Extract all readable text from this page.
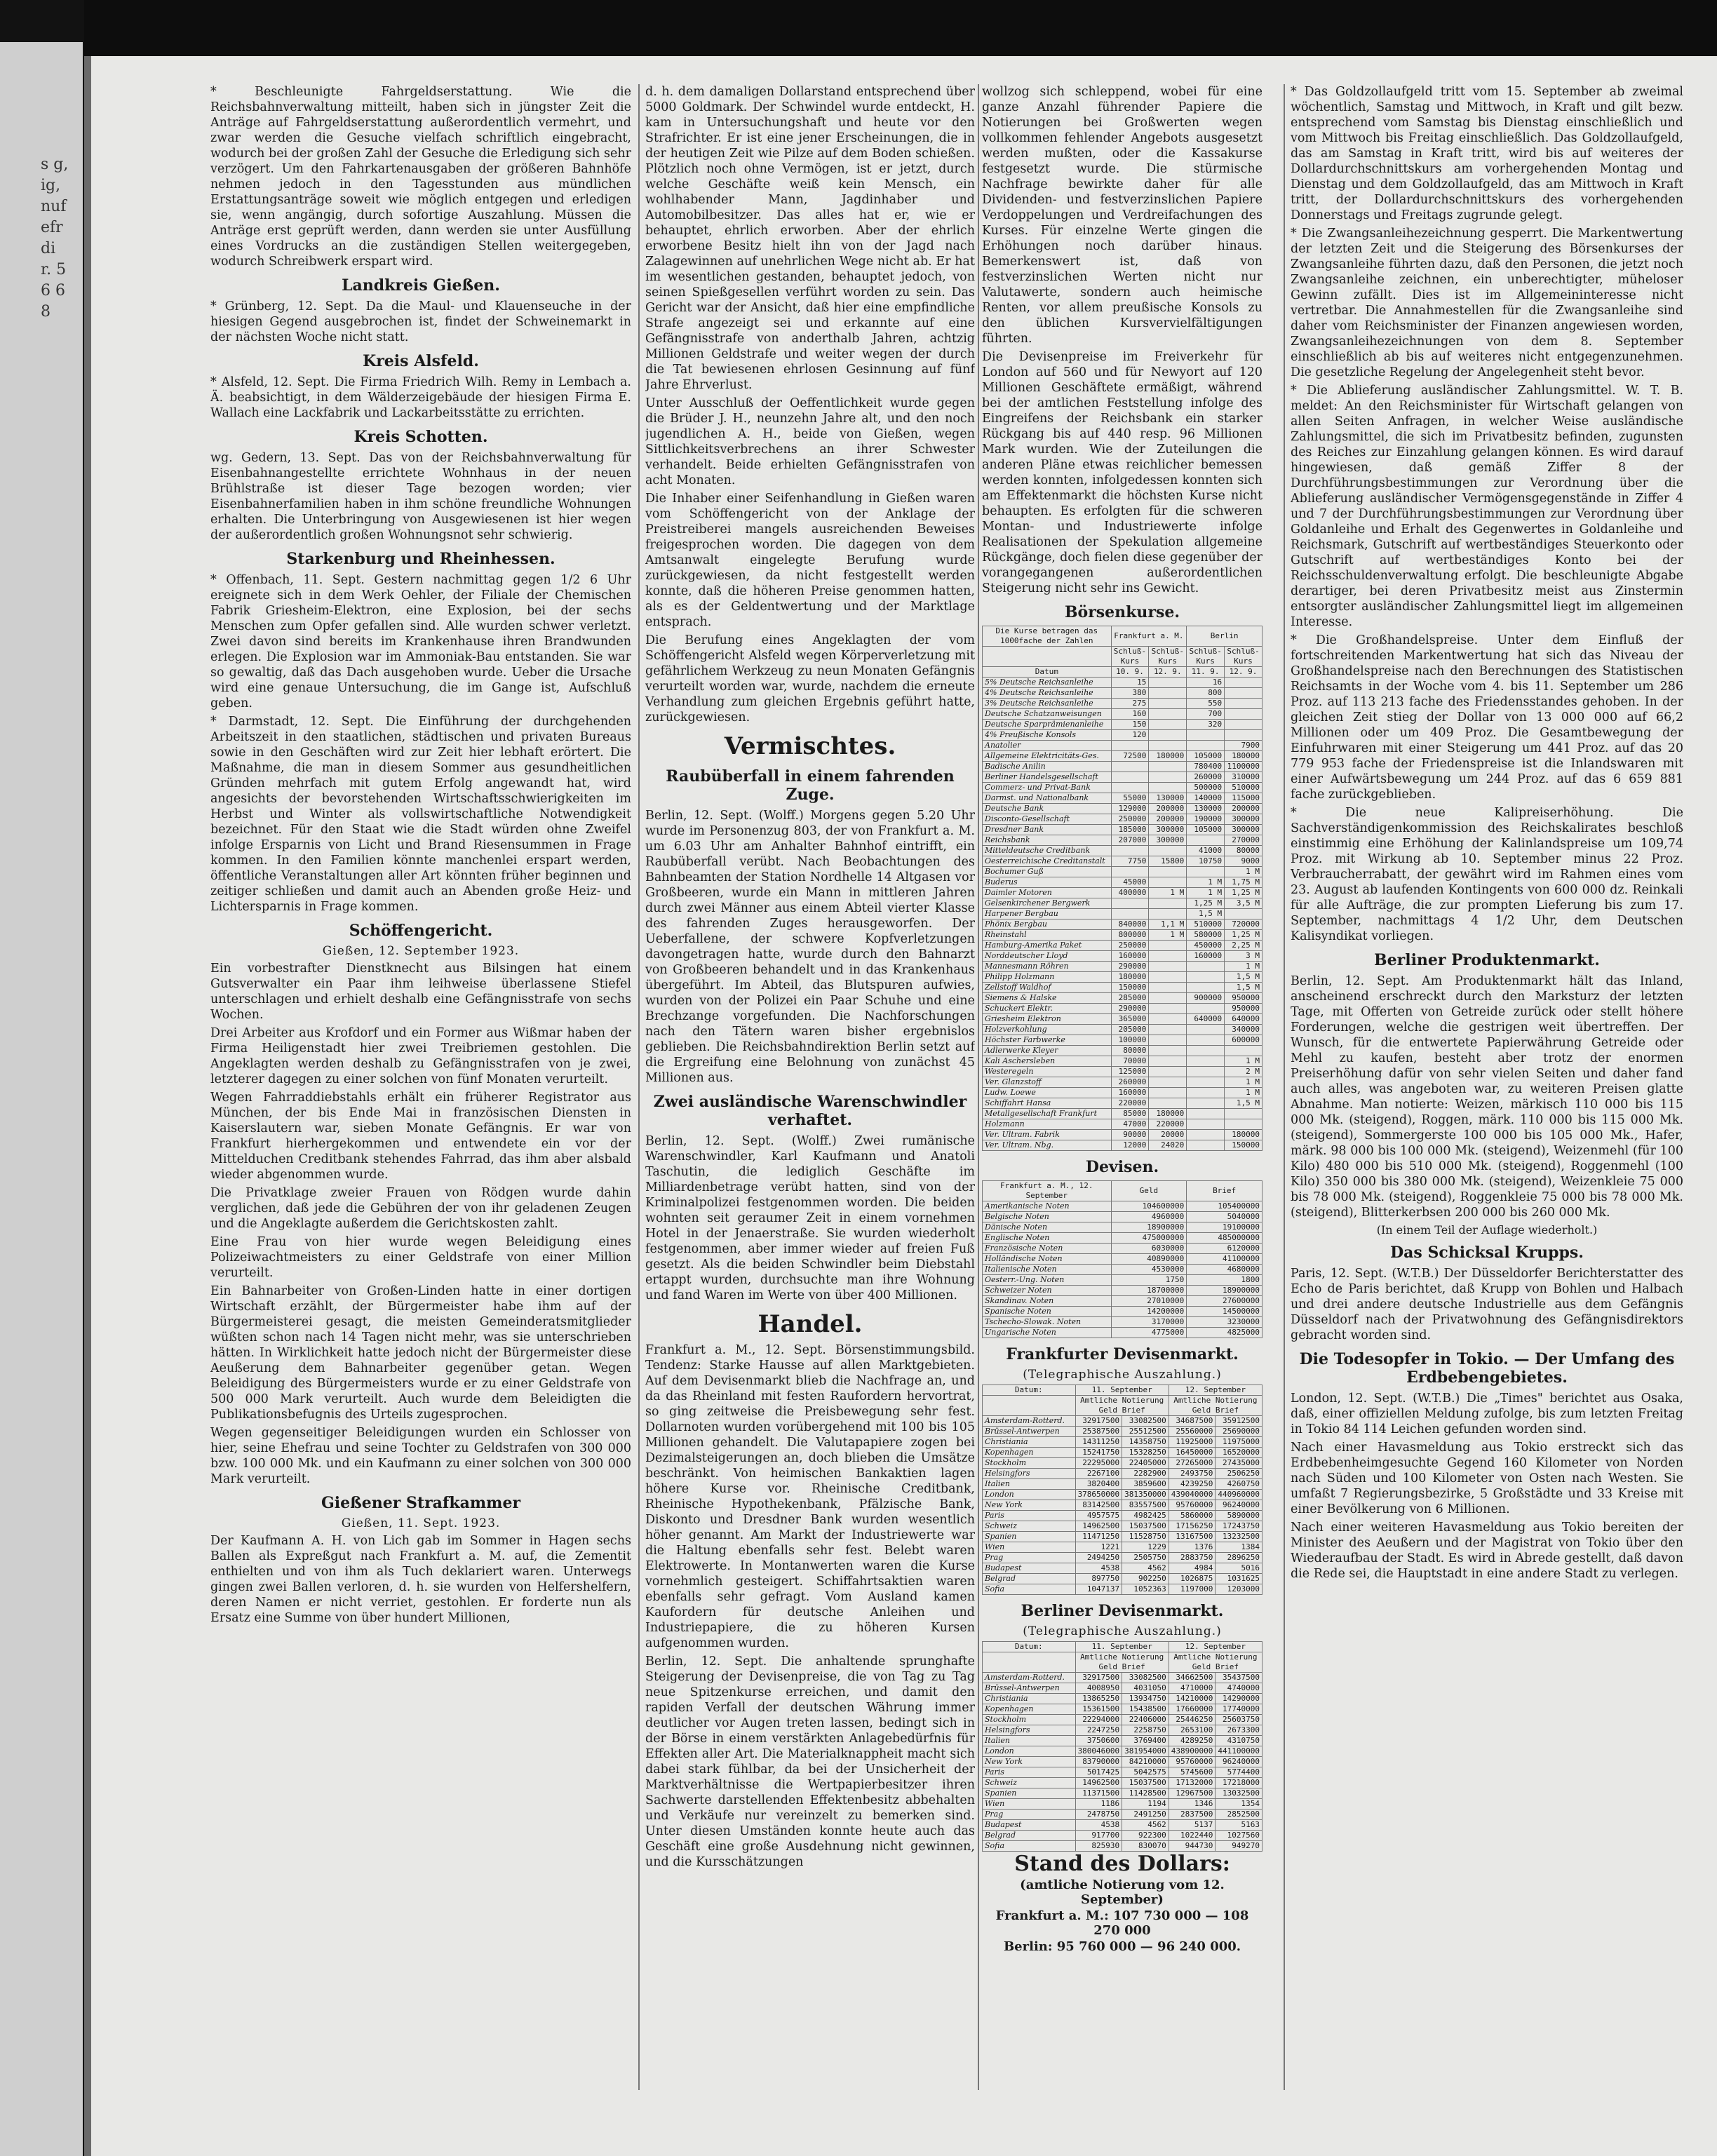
s g, ig, nuf efr di r. 5 6 6 8

* Beschleunigte Fahrgeldserstattung. Wie die Reichsbahnverwaltung mitteilt, haben sich in jüngster Zeit die Anträge auf Fahrgeldserstattung außerordentlich vermehrt, und zwar werden die Gesuche vielfach schriftlich eingebracht, wodurch bei der großen Zahl der Gesuche die Erledigung sich sehr verzögert. Um den Fahrkartenausgaben der größeren Bahnhöfe nehmen jedoch in den Tagesstunden aus mündlichen Erstattungsanträge soweit wie möglich entgegen und erledigen sie, wenn angängig, durch sofortige Auszahlung. Müssen die Anträge erst geprüft werden, dann werden sie unter Ausfüllung eines Vordrucks an die zuständigen Stellen weitergegeben, wodurch Schreibwerk erspart wird.

Landkreis Gießen.

* Grünberg, 12. Sept. Da die Maul- und Klauenseuche in der hiesigen Gegend ausgebrochen ist, findet der Schweinemarkt in der nächsten Woche nicht statt.

Kreis Alsfeld.

* Alsfeld, 12. Sept. Die Firma Friedrich Wilh. Remy in Lembach a. Ä. beabsichtigt, in dem Wälderzeigebäude der hiesigen Firma E. Wallach eine Lackfabrik und Lackarbeitsstätte zu errichten.

Kreis Schotten.

wg. Gedern, 13. Sept. Das von der Reichsbahnverwaltung für Eisenbahnangestellte errichtete Wohnhaus in der neuen Brühlstraße ist dieser Tage bezogen worden; vier Eisenbahnerfamilien haben in ihm schöne freundliche Wohnungen erhalten. Die Unterbringung von Ausgewiesenen ist hier wegen der außerordentlich großen Wohnungsnot sehr schwierig.

Starkenburg und Rheinhessen.

* Offenbach, 11. Sept. Gestern nachmittag gegen 1/2 6 Uhr ereignete sich in dem Werk Oehler, der Filiale der Chemischen Fabrik Griesheim-Elektron, eine Explosion, bei der sechs Menschen zum Opfer gefallen sind. Alle wurden schwer verletzt. Zwei davon sind bereits im Krankenhause ihren Brandwunden erlegen. Die Explosion war im Ammoniak-Bau entstanden. Sie war so gewaltig, daß das Dach ausgehoben wurde. Ueber die Ursache wird eine genaue Untersuchung, die im Gange ist, Aufschluß geben.

* Darmstadt, 12. Sept. Die Einführung der durchgehenden Arbeitszeit in den staatlichen, städtischen und privaten Bureaus sowie in den Geschäften wird zur Zeit hier lebhaft erörtert. Die Maßnahme, die man in diesem Sommer aus gesundheitlichen Gründen mehrfach mit gutem Erfolg angewandt hat, wird angesichts der bevorstehenden Wirtschaftsschwierigkeiten im Herbst und Winter als vollswirtschaftliche Notwendigkeit bezeichnet. Für den Staat wie die Stadt würden ohne Zweifel infolge Ersparnis von Licht und Brand Riesensummen in Frage kommen. In den Familien könnte manchenlei erspart werden, öffentliche Veranstaltungen aller Art könnten früher beginnen und zeitiger schließen und damit auch an Abenden große Heiz- und Lichtersparnis in Frage kommen.

Schöffengericht.
Gießen, 12. September 1923.

Ein vorbestrafter Dienstknecht aus Bilsingen hat einem Gutsverwalter ein Paar ihm leihweise überlassene Stiefel unterschlagen und erhielt deshalb eine Gefängnisstrafe von sechs Wochen.

Drei Arbeiter aus Krofdorf und ein Former aus Wißmar haben der Firma Heiligenstadt hier zwei Treibriemen gestohlen. Die Angeklagten werden deshalb zu Gefängnisstrafen von je zwei, letzterer dagegen zu einer solchen von fünf Monaten verurteilt.

Wegen Fahrraddiebstahls erhält ein früherer Registrator aus München, der bis Ende Mai in französischen Diensten in Kaiserslautern war, sieben Monate Gefängnis. Er war von Frankfurt hierhergekommen und entwendete ein vor der Mittelduchen Creditbank stehendes Fahrrad, das ihm aber alsbald wieder abgenommen wurde.

Die Privatklage zweier Frauen von Rödgen wurde dahin verglichen, daß jede die Gebühren der von ihr geladenen Zeugen und die Angeklagte außerdem die Gerichtskosten zahlt.

Eine Frau von hier wurde wegen Beleidigung eines Polizeiwachtmeisters zu einer Geldstrafe von einer Million verurteilt.

Ein Bahnarbeiter von Großen-Linden hatte in einer dortigen Wirtschaft erzählt, der Bürgermeister habe ihm auf der Bürgermeisterei gesagt, die meisten Gemeinderatsmitglieder wüßten schon nach 14 Tagen nicht mehr, was sie unterschrieben hätten. In Wirklichkeit hatte jedoch nicht der Bürgermeister diese Aeußerung dem Bahnarbeiter gegenüber getan. Wegen Beleidigung des Bürgermeisters wurde er zu einer Geldstrafe von 500 000 Mark verurteilt. Auch wurde dem Beleidigten die Publikationsbefugnis des Urteils zugesprochen.

Wegen gegenseitiger Beleidigungen wurden ein Schlosser von hier, seine Ehefrau und seine Tochter zu Geldstrafen von 300 000 bzw. 100 000 Mk. und ein Kaufmann zu einer solchen von 300 000 Mark verurteilt.

Gießener Strafkammer
Gießen, 11. Sept. 1923.

Der Kaufmann A. H. von Lich gab im Sommer in Hagen sechs Ballen als Expreßgut nach Frankfurt a. M. auf, die Zementit enthielten und von ihm als Tuch deklariert waren. Unterwegs gingen zwei Ballen verloren, d. h. sie wurden von Helfershelfern, deren Namen er nicht verriet, gestohlen. Er forderte nun als Ersatz eine Summe von über hundert Millionen,

d. h. dem damaligen Dollarstand entsprechend über 5000 Goldmark. Der Schwindel wurde entdeckt, H. kam in Untersuchungshaft und heute vor den Strafrichter. Er ist eine jener Erscheinungen, die in der heutigen Zeit wie Pilze auf dem Boden schießen. Plötzlich noch ohne Vermögen, ist er jetzt, durch welche Geschäfte weiß kein Mensch, ein wohlhabender Mann, Jagdinhaber und Automobilbesitzer. Das alles hat er, wie er behauptet, ehrlich erworben. Aber der ehrlich erworbene Besitz hielt ihn von der Jagd nach Zalagewinnen auf unehrlichen Wege nicht ab. Er hat im wesentlichen gestanden, behauptet jedoch, von seinen Spießgesellen verführt worden zu sein. Das Gericht war der Ansicht, daß hier eine empfindliche Strafe angezeigt sei und erkannte auf eine Gefängnisstrafe von anderthalb Jahren, achtzig Millionen Geldstrafe und weiter wegen der durch die Tat bewiesenen ehrlosen Gesinnung auf fünf Jahre Ehrverlust.

Unter Ausschluß der Oeffentlichkeit wurde gegen die Brüder J. H., neunzehn Jahre alt, und den noch jugendlichen A. H., beide von Gießen, wegen Sittlichkeitsverbrechens an ihrer Schwester verhandelt. Beide erhielten Gefängnisstrafen von acht Monaten.

Die Inhaber einer Seifenhandlung in Gießen waren vom Schöffengericht von der Anklage der Preistreiberei mangels ausreichenden Beweises freigesprochen worden. Die dagegen von dem Amtsanwalt eingelegte Berufung wurde zurückgewiesen, da nicht festgestellt werden konnte, daß die höheren Preise genommen hatten, als es der Geldentwertung und der Marktlage entsprach.

Die Berufung eines Angeklagten der vom Schöffengericht Alsfeld wegen Körperverletzung mit gefährlichem Werkzeug zu neun Monaten Gefängnis verurteilt worden war, wurde, nachdem die erneute Verhandlung zum gleichen Ergebnis geführt hatte, zurückgewiesen.

Vermischtes.
Raubüberfall in einem fahrenden Zuge.

Berlin, 12. Sept. (Wolff.) Morgens gegen 5.20 Uhr wurde im Personenzug 803, der von Frankfurt a. M. um 6.03 Uhr am Anhalter Bahnhof eintrifft, ein Raubüberfall verübt. Nach Beobachtungen des Bahnbeamten der Station Nordhelle 14 Altgasen vor Großbeeren, wurde ein Mann in mittleren Jahren durch zwei Männer aus einem Abteil vierter Klasse des fahrenden Zuges herausgeworfen. Der Ueberfallene, der schwere Kopfverletzungen davongetragen hatte, wurde durch den Bahnarzt von Großbeeren behandelt und in das Krankenhaus übergeführt. Im Abteil, das Blutspuren aufwies, wurden von der Polizei ein Paar Schuhe und eine Brechzange vorgefunden. Die Nachforschungen nach den Tätern waren bisher ergebnislos geblieben. Die Reichsbahndirektion Berlin setzt auf die Ergreifung eine Belohnung von zunächst 45 Millionen aus.

Zwei ausländische Warenschwindler verhaftet.

Berlin, 12. Sept. (Wolff.) Zwei rumänische Warenschwindler, Karl Kaufmann und Anatoli Taschutin, die lediglich Geschäfte im Milliardenbetrage verübt hatten, sind von der Kriminalpolizei festgenommen worden. Die beiden wohnten seit geraumer Zeit in einem vornehmen Hotel in der Jenaerstraße. Sie wurden wiederholt festgenommen, aber immer wieder auf freien Fuß gesetzt. Als die beiden Schwindler beim Diebstahl ertappt wurden, durchsuchte man ihre Wohnung und fand Waren im Werte von über 400 Millionen.

Handel.

Frankfurt a. M., 12. Sept. Börsenstimmungsbild. Tendenz: Starke Hausse auf allen Marktgebieten. Auf dem Devisenmarkt blieb die Nachfrage an, und da das Rheinland mit festen Raufordern hervortrat, so ging zeitweise die Preisbewegung sehr fest. Dollarnoten wurden vorübergehend mit 100 bis 105 Millionen gehandelt. Die Valutapapiere zogen bei Dezimalsteigerungen an, doch blieben die Umsätze beschränkt. Von heimischen Bankaktien lagen höhere Kurse vor. Rheinische Creditbank, Rheinische Hypothekenbank, Pfälzische Bank, Diskonto und Dresdner Bank wurden wesentlich höher genannt. Am Markt der Industriewerte war die Haltung ebenfalls sehr fest. Belebt waren Elektrowerte. In Montanwerten waren die Kurse vornehmlich gesteigert. Schiffahrtsaktien waren ebenfalls sehr gefragt. Vom Ausland kamen Kaufordern für deutsche Anleihen und Industriepapiere, die zu höheren Kursen aufgenommen wurden.

Berlin, 12. Sept. Die anhaltende sprunghafte Steigerung der Devisenpreise, die von Tag zu Tag neue Spitzenkurse erreichen, und damit den rapiden Verfall der deutschen Währung immer deutlicher vor Augen treten lassen, bedingt sich in der Börse in einem verstärkten Anlagebedürfnis für Effekten aller Art. Die Materialknappheit macht sich dabei stark fühlbar, da bei der Unsicherheit der Marktverhältnisse die Wertpapierbesitzer ihren Sachwerte darstellenden Effektenbesitz abbehalten und Verkäufe nur vereinzelt zu bemerken sind. Unter diesen Umständen konnte heute auch das Geschäft eine große Ausdehnung nicht gewinnen, und die Kursschätzungen

wollzog sich schleppend, wobei für eine ganze Anzahl führender Papiere die Notierungen bei Großwerten wegen vollkommen fehlender Angebots ausgesetzt werden mußten, oder die Kassakurse festgesetzt wurde. Die stürmische Nachfrage bewirkte daher für alle Dividenden- und festverzinslichen Papiere Verdoppelungen und Verdreifachungen des Kurses. Für einzelne Werte gingen die Erhöhungen noch darüber hinaus. Bemerkenswert ist, daß von festverzinslichen Werten nicht nur Valutawerte, sondern auch heimische Renten, vor allem preußische Konsols zu den üblichen Kursvervielfältigungen führten.

Die Devisenpreise im Freiverkehr für London auf 560 und für Newyort auf 120 Millionen Geschäftete ermäßigt, während bei der amtlichen Feststellung infolge des Eingreifens der Reichsbank ein starker Rückgang bis auf 440 resp. 96 Millionen Mark wurden. Wie der Zuteilungen die anderen Pläne etwas reichlicher bemessen werden konnten, infolgedessen konnten sich am Effektenmarkt die höchsten Kurse nicht behaupten. Es erfolgten für die schweren Montan- und Industriewerte infolge Realisationen der Spekulation allgemeine Rückgänge, doch fielen diese gegenüber der vorangegangenen außerordentlichen Steigerung nicht sehr ins Gewicht.

Börsenkurse.
Die Kurse betragen das 1000fache der Zahlen	Frankfurt a. M.		Berlin	
	Schluß-Kurs	Schluß-Kurs	Schluß-Kurs	Schluß-Kurs
Datum	10. 9.	12. 9.	11. 9.	12. 9.
5% Deutsche Reichsanleihe	15		16	
4% Deutsche Reichsanleihe	380		800	
3% Deutsche Reichsanleihe	275		550	
Deutsche Schatzanweisungen	160		700	
Deutsche Sparprämienanleihe	150		320	
4% Preußische Konsols	120			
Anatolier				7900
Allgemeine Elektricitäts-Ges.	72500	180000	105000	180000
Badische Anilin			780400	1100000
Berliner Handelsgesellschaft			260000	310000
Commerz- und Privat-Bank			500000	510000
Darmst. und Nationalbank	55000	130000	140000	115000
Deutsche Bank	129000	200000	130000	200000
Disconto-Gesellschaft	250000	200000	190000	300000
Dresdner Bank	185000	300000	105000	300000
Reichsbank	207000	300000		270000
Mitteldeutsche Creditbank			41000	80000
Oesterreichische Creditanstalt	7750	15800	10750	9000
Bochumer Guß				1 M
Buderus	45000		1 M	1,75 M
Daimler Motoren	400000	1 M	1 M	1,25 M
Gelsenkirchener Bergwerk			1,25 M	3,5 M
Harpener Bergbau			1,5 M	
Phönix Bergbau	840000	1,1 M	510000	720000
Rheinstahl	800000	1 M	580000	1,25 M
Hamburg-Amerika Paket	250000		450000	2,25 M
Norddeutscher Lloyd	160000		160000	3 M
Mannesmann Röhren	290000			1 M
Philipp Holzmann	180000			1,5 M
Zellstoff Waldhof	150000			1,5 M
Siemens & Halske	285000		900000	950000
Schuckert Elektr.	290000			950000
Griesheim Elektron	365000		640000	640000
Holzverkohlung	205000			340000
Höchster Farbwerke	100000			600000
Adlerwerke Kleyer	80000			
Kali Aschersleben	70000			1 M
Westeregeln	125000			2 M
Ver. Glanzstoff	260000			1 M
Ludw. Loewe	160000			1 M
Schiffahrt Hansa	220000			1,5 M
Metallgesellschaft Frankfurt	85000	180000		
Holzmann	47000	220000		
Ver. Ultram. Fabrik	90000	20000		180000
Ver. Ultram. Nbg.	12000	24020		150000
Devisen.
Frankfurt a. M., 12. September	Geld	Brief
Amerikanische Noten	104600000	105400000
Belgische Noten	4960000	5040000
Dänische Noten	18900000	19100000
Englische Noten	475000000	485000000
Französische Noten	6030000	6120000
Holländische Noten	40890000	41100000
Italienische Noten	4530000	4680000
Oesterr.-Ung. Noten	1750	1800
Schweizer Noten	18700000	18900000
Skandinav. Noten	27010000	27600000
Spanische Noten	14200000	14500000
Tschecho-Slowak. Noten	3170000	3230000
Ungarische Noten	4775000	4825000
Frankfurter Devisenmarkt.
(Telegraphische Auszahlung.)
Datum:	11. September		12. September	
	Amtliche Notierung Geld Brief		Amtliche Notierung Geld Brief	
Amsterdam-Rotterd.	32917500	33082500	34687500	35912500
Brüssel-Antwerpen	25387500	25512500	25560000	25690000
Christiania	14311250	14358750	11925000	11975000
Kopenhagen	15241750	15328250	16450000	16520000
Stockholm	22295000	22405000	27265000	27435000
Helsingfors	2267100	2282900	2493750	2506250
Italien	3820400	3859600	4239250	4260750
London	378650000	381350000	439040000	440960000
New York	83142500	83557500	95760000	96240000
Paris	4957575	4982425	5860000	5890000
Schweiz	14962500	15037500	17156250	17243750
Spanien	11471250	11528750	13167500	13232500
Wien	1221	1229	1376	1384
Prag	2494250	2505750	2883750	2896250
Budapest	4538	4562	4984	5016
Belgrad	897750	902250	1026875	1031625
Sofia	1047137	1052363	1197000	1203000
Berliner Devisenmarkt.
(Telegraphische Auszahlung.)
Datum:	11. September		12. September	
	Amtliche Notierung Geld Brief		Amtliche Notierung Geld Brief	
Amsterdam-Rotterd.	32917500	33082500	34662500	35437500
Brüssel-Antwerpen	4008950	4031050	4710000	4740000
Christiania	13865250	13934750	14210000	14290000
Kopenhagen	15361500	15438500	17660000	17740000
Stockholm	22294000	22406000	25446250	25603750
Helsingfors	2247250	2258750	2653100	2673300
Italien	3750600	3769400	4289250	4310750
London	380046000	381954000	438900000	441100000
New York	83790000	84210000	95760000	96240000
Paris	5017425	5042575	5745600	5774400
Schweiz	14962500	15037500	17132000	17218000
Spanien	11371500	11428500	12967500	13032500
Wien	1186	1194	1346	1354
Prag	2478750	2491250	2837500	2852500
Budapest	4538	4562	5137	5163
Belgrad	917700	922300	1022440	1027560
Sofia	825930	830070	944730	949270
Stand des Dollars:
(amtliche Notierung vom 12. September)
Frankfurt a. M.: 107 730 000 — 108 270 000
Berlin: 95 760 000 — 96 240 000.

* Das Goldzollaufgeld tritt vom 15. September ab zweimal wöchentlich, Samstag und Mittwoch, in Kraft und gilt bezw. entsprechend vom Samstag bis Dienstag einschließlich und vom Mittwoch bis Freitag einschließlich. Das Goldzollaufgeld, das am Samstag in Kraft tritt, wird bis auf weiteres der Dollardurchschnittskurs am vorhergehenden Montag und Dienstag und dem Goldzollaufgeld, das am Mittwoch in Kraft tritt, der Dollardurchschnittskurs des vorhergehenden Donnerstags und Freitags zugrunde gelegt.

* Die Zwangsanleihezeichnung gesperrt. Die Markentwertung der letzten Zeit und die Steigerung des Börsenkurses der Zwangsanleihe führten dazu, daß den Personen, die jetzt noch Zwangsanleihe zeichnen, ein unberechtigter, müheloser Gewinn zufällt. Dies ist im Allgemeininteresse nicht vertretbar. Die Annahmestellen für die Zwangsanleihe sind daher vom Reichsminister der Finanzen angewiesen worden, Zwangsanleihezeichnungen von dem 8. September einschließlich ab bis auf weiteres nicht entgegenzunehmen. Die gesetzliche Regelung der Angelegenheit steht bevor.

* Die Ablieferung ausländischer Zahlungsmittel. W. T. B. meldet: An den Reichsminister für Wirtschaft gelangen von allen Seiten Anfragen, in welcher Weise ausländische Zahlungsmittel, die sich im Privatbesitz befinden, zugunsten des Reiches zur Einzahlung gelangen können. Es wird darauf hingewiesen, daß gemäß Ziffer 8 der Durchführungsbestimmungen zur Verordnung über die Ablieferung ausländischer Vermögensgegenstände in Ziffer 4 und 7 der Durchführungsbestimmungen zur Verordnung über Goldanleihe und Erhalt des Gegenwertes in Goldanleihe und Reichsmark, Gutschrift auf wertbeständiges Steuerkonto oder Gutschrift auf wertbeständiges Konto bei der Reichsschuldenverwaltung erfolgt. Die beschleunigte Abgabe derartiger, bei deren Privatbesitz meist aus Zinstermin entsorgter ausländischer Zahlungsmittel liegt im allgemeinen Interesse.

* Die Großhandelspreise. Unter dem Einfluß der fortschreitenden Markentwertung hat sich das Niveau der Großhandelspreise nach den Berechnungen des Statistischen Reichsamts in der Woche vom 4. bis 11. September um 286 Proz. auf 113 213 fache des Friedensstandes gehoben. In der gleichen Zeit stieg der Dollar von 13 000 000 auf 66,2 Millionen oder um 409 Proz. Die Gesamtbewegung der Einfuhrwaren mit einer Steigerung um 441 Proz. auf das 20 779 953 fache der Friedenspreise ist die Inlandswaren mit einer Aufwärtsbewegung um 244 Proz. auf das 6 659 881 fache zurückgeblieben.

* Die neue Kalipreiserhöhung. Die Sachverständigenkommission des Reichskalirates beschloß einstimmig eine Erhöhung der Kalinlandspreise um 109,74 Proz. mit Wirkung ab 10. September minus 22 Proz. Verbraucherrabatt, der gewährt wird im Rahmen eines vom 23. August ab laufenden Kontingents von 600 000 dz. Reinkali für alle Aufträge, die zur prompten Lieferung bis zum 17. September, nachmittags 4 1/2 Uhr, dem Deutschen Kalisyndikat vorliegen.

Berliner Produktenmarkt.

Berlin, 12. Sept. Am Produktenmarkt hält das Inland, anscheinend erschreckt durch den Marksturz der letzten Tage, mit Offerten von Getreide zurück oder stellt höhere Forderungen, welche die gestrigen weit übertreffen. Der Wunsch, für die entwertete Papierwährung Getreide oder Mehl zu kaufen, besteht aber trotz der enormen Preiserhöhung dafür von sehr vielen Seiten und daher fand auch alles, was angeboten war, zu weiteren Preisen glatte Abnahme. Man notierte: Weizen, märkisch 110 000 bis 115 000 Mk. (steigend), Roggen, märk. 110 000 bis 115 000 Mk. (steigend), Sommergerste 100 000 bis 105 000 Mk., Hafer, märk. 98 000 bis 100 000 Mk. (steigend), Weizenmehl (für 100 Kilo) 480 000 bis 510 000 Mk. (steigend), Roggenmehl (100 Kilo) 350 000 bis 380 000 Mk. (steigend), Weizenkleie 75 000 bis 78 000 Mk. (steigend), Roggenkleie 75 000 bis 78 000 Mk. (steigend), Blitterkerbsen 200 000 bis 260 000 Mk.

(In einem Teil der Auflage wiederholt.)
Das Schicksal Krupps.

Paris, 12. Sept. (W.T.B.) Der Düsseldorfer Berichterstatter des Echo de Paris berichtet, daß Krupp von Bohlen und Halbach und drei andere deutsche Industrielle aus dem Gefängnis Düsseldorf nach der Privatwohnung des Gefängnisdirektors gebracht worden sind.

Die Todesopfer in Tokio. — Der Umfang des Erdbebengebietes.

London, 12. Sept. (W.T.B.) Die „Times" berichtet aus Osaka, daß, einer offiziellen Meldung zufolge, bis zum letzten Freitag in Tokio 84 114 Leichen gefunden worden sind.

Nach einer Havasmeldung aus Tokio erstreckt sich das Erdbebenheimgesuchte Gegend 160 Kilometer von Norden nach Süden und 100 Kilometer von Osten nach Westen. Sie umfaßt 7 Regierungsbezirke, 5 Großstädte und 33 Kreise mit einer Bevölkerung von 6 Millionen.

Nach einer weiteren Havasmeldung aus Tokio bereiten der Minister des Aeußern und der Magistrat von Tokio über den Wiederaufbau der Stadt. Es wird in Abrede gestellt, daß davon die Rede sei, die Hauptstadt in eine andere Stadt zu verlegen.
